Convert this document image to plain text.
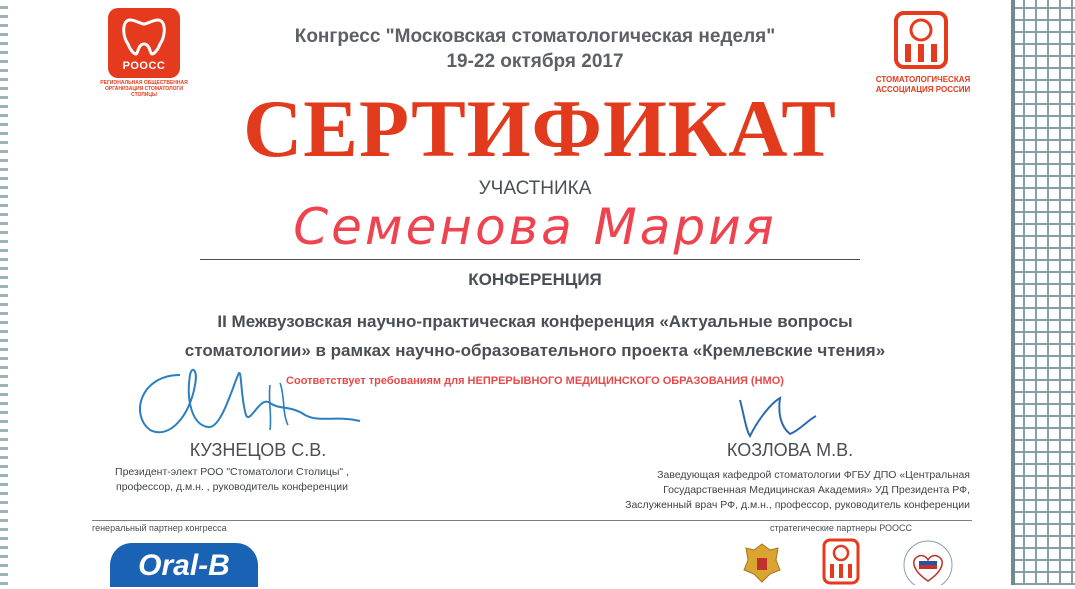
РООСС
РЕГИОНАЛЬНАЯ ОБЩЕСТВЕННАЯ ОРГАНИЗАЦИЯ СТОМАТОЛОГИ СТОЛИЦЫ
СТОМАТОЛОГИЧЕСКАЯ АССОЦИАЦИЯ РОССИИ
Конгресс "Московская стоматологическая неделя"
19-22 октября 2017
СЕРТИФИКАТ
УЧАСТНИКА
Семенова Мария
КОНФЕРЕНЦИЯ
II Межвузовская научно-практическая конференция «Актуальные вопросы
стоматологии» в рамках научно-образовательного проекта «Кремлевские чтения»
Соответствует требованиям для НЕПРЕРЫВНОГО МЕДИЦИНСКОГО ОБРАЗОВАНИЯ (НМО)
КУЗНЕЦОВ С.В.
Президент-элект РОО "Стоматологи Столицы" ,
профессор, д.м.н. , руководитель конференции
КОЗЛОВА М.В.
Заведующая кафедрой стоматологии ФГБУ ДПО «Центральная
Государственная Медицинская Академия» УД Президента РФ,
Заслуженный врач РФ, д.м.н., профессор, руководитель конференции
генеральный партнер конгресса	стратегические партнеры РООСС
Oral-B
